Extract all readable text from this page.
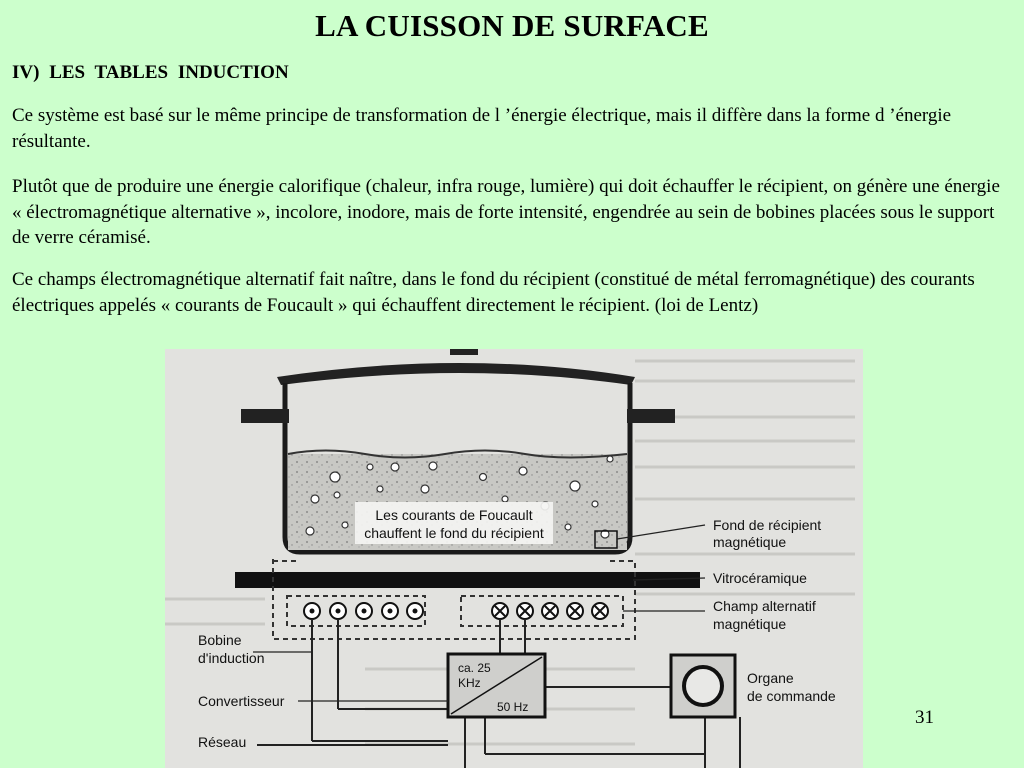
LA CUISSON DE SURFACE
IV) LES TABLES INDUCTION
Ce système est basé sur le même principe de transformation de l ’énergie électrique, mais il diffère dans la forme d ’énergie résultante.
Plutôt que de produire une énergie calorifique (chaleur, infra rouge, lumière) qui doit échauffer le récipient, on génère une énergie « électromagnétique alternative », incolore, inodore, mais de forte intensité, engendrée au sein de bobines placées sous le support de verre céramisé.
Ce champs électromagnétique alternatif fait naître, dans le fond du récipient (constitué de métal ferromagnétique) des courants électriques appelés « courants de Foucault » qui échauffent directement le récipient. (loi de Lentz)
Les courants de Foucault
chauffent le fond du récipient
ca. 25
KHz
50 Hz
Fond de récipient
magnétique
Vitrocéramique
Champ alternatif
magnétique
Organe
de commande
Bobine
d'induction
Convertisseur
Réseau
31
